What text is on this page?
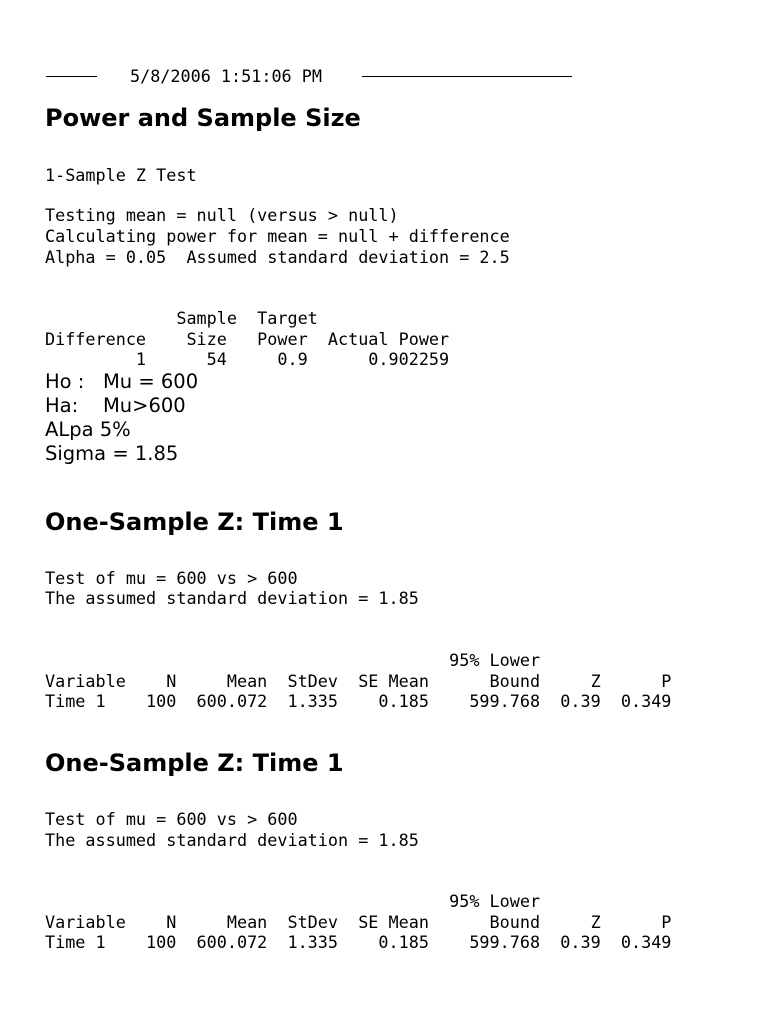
5/8/2006 1:51:06 PM
Power and Sample Size
1-Sample Z Test
Testing mean = null (versus > null)
Calculating power for mean = null + difference
Alpha = 0.05  Assumed standard deviation = 2.5
Sample  Target
Difference    Size   Power  Actual Power
1      54     0.9      0.902259
Ho :   Mu = 600
Ha:    Mu>600
ALpa 5%
Sigma = 1.85
One-Sample Z: Time 1
Test of mu = 600 vs > 600
The assumed standard deviation = 1.85
95% Lower
Variable    N     Mean  StDev  SE Mean      Bound     Z      P
Time 1    100  600.072  1.335    0.185    599.768  0.39  0.349
One-Sample Z: Time 1
Test of mu = 600 vs > 600
The assumed standard deviation = 1.85
95% Lower
Variable    N     Mean  StDev  SE Mean      Bound     Z      P
Time 1    100  600.072  1.335    0.185    599.768  0.39  0.349
